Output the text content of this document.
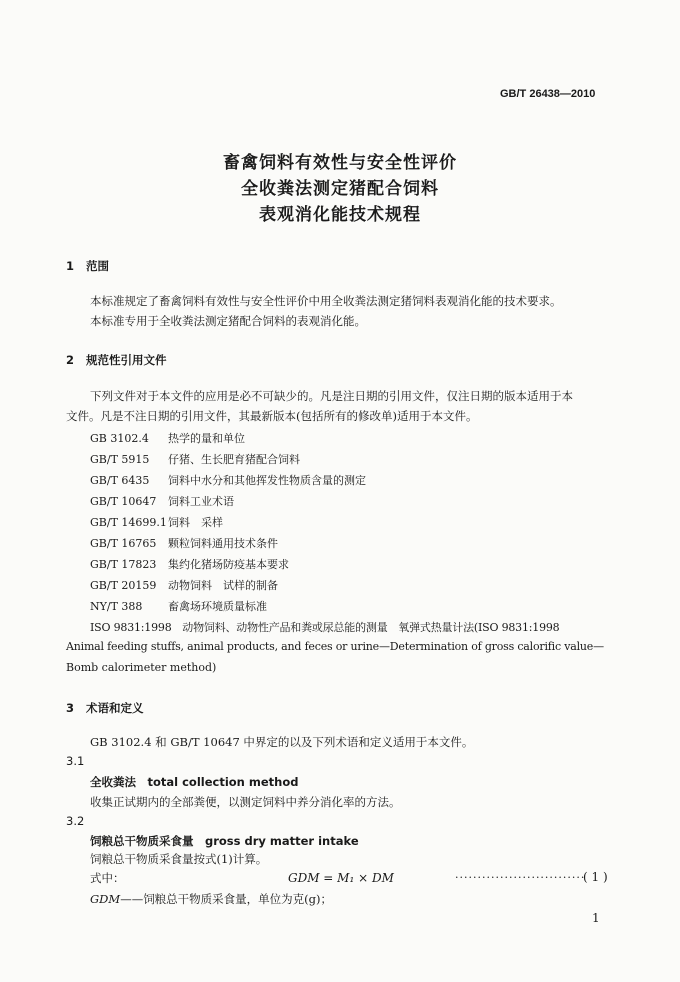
GB/T 26438—2010
畜禽饲料有效性与安全性评价
全收粪法测定猪配合饲料
表观消化能技术规程
1 范围
本标准规定了畜禽饲料有效性与安全性评价中用全收粪法测定猪饲料表观消化能的技术要求。
本标准专用于全收粪法测定猪配合饲料的表观消化能。
2 规范性引用文件
下列文件对于本文件的应用是必不可缺少的。凡是注日期的引用文件，仅注日期的版本适用于本
文件。凡是不注日期的引用文件，其最新版本(包括所有的修改单)适用于本文件。
GB 3102.4 热学的量和单位
GB/T 5915 仔猪、生长肥育猪配合饲料
GB/T 6435 饲料中水分和其他挥发性物质含量的测定
GB/T 10647 饲料工业术语
GB/T 14699.1饲料　采样
GB/T 16765 颗粒饲料通用技术条件
GB/T 17823 集约化猪场防疫基本要求
GB/T 20159 动物饲料　试样的制备
NY/T 388 畜禽场环境质量标准
ISO 9831:1998　动物饲料、动物性产品和粪或尿总能的测量　氧弹式热量计法(ISO 9831:1998
Animal feeding stuffs, animal products, and feces or urine—Determination of gross calorific value—
Bomb calorimeter method)
3 术语和定义
GB 3102.4 和 GB/T 10647 中界定的以及下列术语和定义适用于本文件。
3.1
全收粪法　total collection method
收集正试期内的全部粪便，以测定饲料中养分消化率的方法。
3.2
饲粮总干物质采食量　gross dry matter intake
饲粮总干物质采食量按式(1)计算。
GDM = M₁ × DM	·····························
( 1 )
式中：
GDM——饲粮总干物质采食量，单位为克(g)；
1
